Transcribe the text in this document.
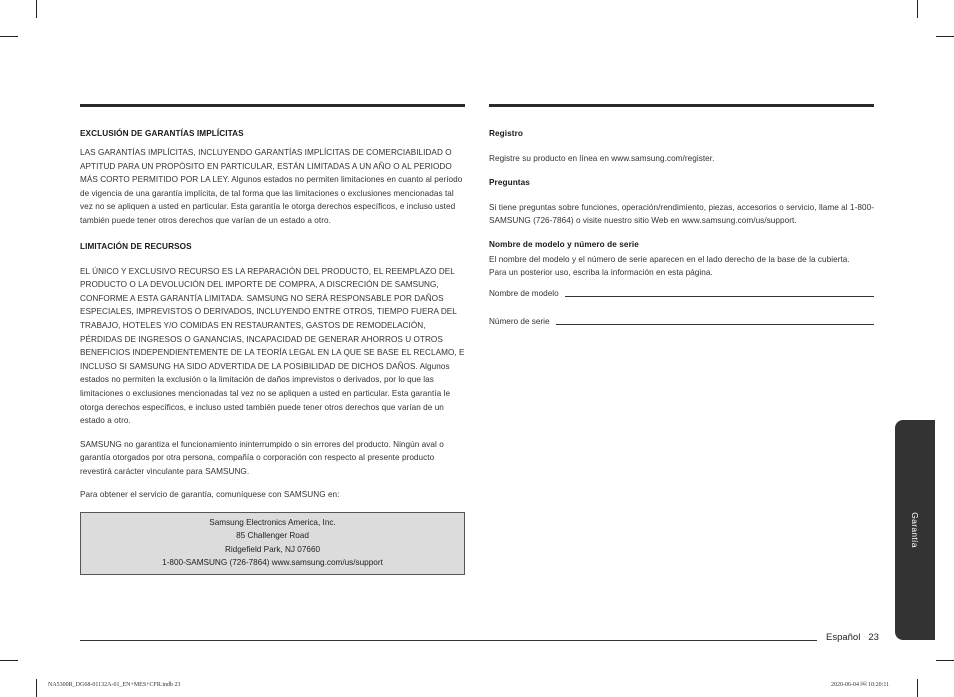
EXCLUSIÓN DE GARANTÍAS IMPLÍCITAS

LAS GARANTÍAS IMPLÍCITAS, INCLUYENDO GARANTÍAS IMPLÍCITAS DE COMERCIABILIDAD O APTITUD PARA UN PROPÓSITO EN PARTICULAR, ESTÁN LIMITADAS A UN AÑO O AL PERIODO MÁS CORTO PERMITIDO POR LA LEY. Algunos estados no permiten limitaciones en cuanto al período de vigencia de una garantía implícita, de tal forma que las limitaciones o exclusiones mencionadas tal vez no se apliquen a usted en particular. Esta garantía le otorga derechos específicos, e incluso usted también puede tener otros derechos que varían de un estado a otro.

LIMITACIÓN DE RECURSOS

EL ÚNICO Y EXCLUSIVO RECURSO ES LA REPARACIÓN DEL PRODUCTO, EL REEMPLAZO DEL PRODUCTO O LA DEVOLUCIÓN DEL IMPORTE DE COMPRA, A DISCRECIÓN DE SAMSUNG, CONFORME A ESTA GARANTÍA LIMITADA. SAMSUNG NO SERÁ RESPONSABLE POR DAÑOS ESPECIALES, IMPREVISTOS O DERIVADOS, INCLUYENDO ENTRE OTROS, TIEMPO FUERA DEL TRABAJO, HOTELES Y/O COMIDAS EN RESTAURANTES, GASTOS DE REMODELACIÓN, PÉRDIDAS DE INGRESOS O GANANCIAS, INCAPACIDAD DE GENERAR AHORROS U OTROS BENEFICIOS INDEPENDIENTEMENTE DE LA TEORÍA LEGAL EN LA QUE SE BASE EL RECLAMO, E INCLUSO SI SAMSUNG HA SIDO ADVERTIDA DE LA POSIBILIDAD DE DICHOS DAÑOS. Algunos estados no permiten la exclusión o la limitación de daños imprevistos o derivados, por lo que las limitaciones o exclusiones mencionadas tal vez no se apliquen a usted en particular. Esta garantía le otorga derechos específicos, e incluso usted también puede tener otros derechos que varían de un estado a otro.

SAMSUNG no garantiza el funcionamiento ininterrumpido o sin errores del producto. Ningún aval o garantía otorgados por otra persona, compañía o corporación con respecto al presente producto revestirá carácter vinculante para SAMSUNG.

Para obtener el servicio de garantía, comuníquese con SAMSUNG en:

Samsung Electronics America, Inc.
85 Challenger Road
Ridgefield Park, NJ 07660
1-800-SAMSUNG (726-7864) www.samsung.com/us/support
Registro

Registre su producto en línea en www.samsung.com/register.

Preguntas

Si tiene preguntas sobre funciones, operación/rendimiento, piezas, accesorios o servicio, llame al 1-800-SAMSUNG (726-7864) o visite nuestro sitio Web en www.samsung.com/us/support.

Nombre de modelo y número de serie
El nombre del modelo y el número de serie aparecen en el lado derecho de la base de la cubierta.
Para un posterior uso, escriba la información en esta página.
Nombre de modelo
Número de serie
Garantía
Español 23
NA5300R_DG68-01132A-01_EN+MES+CFR.indb 23	2020-06-04 ￼ 10:20:11
